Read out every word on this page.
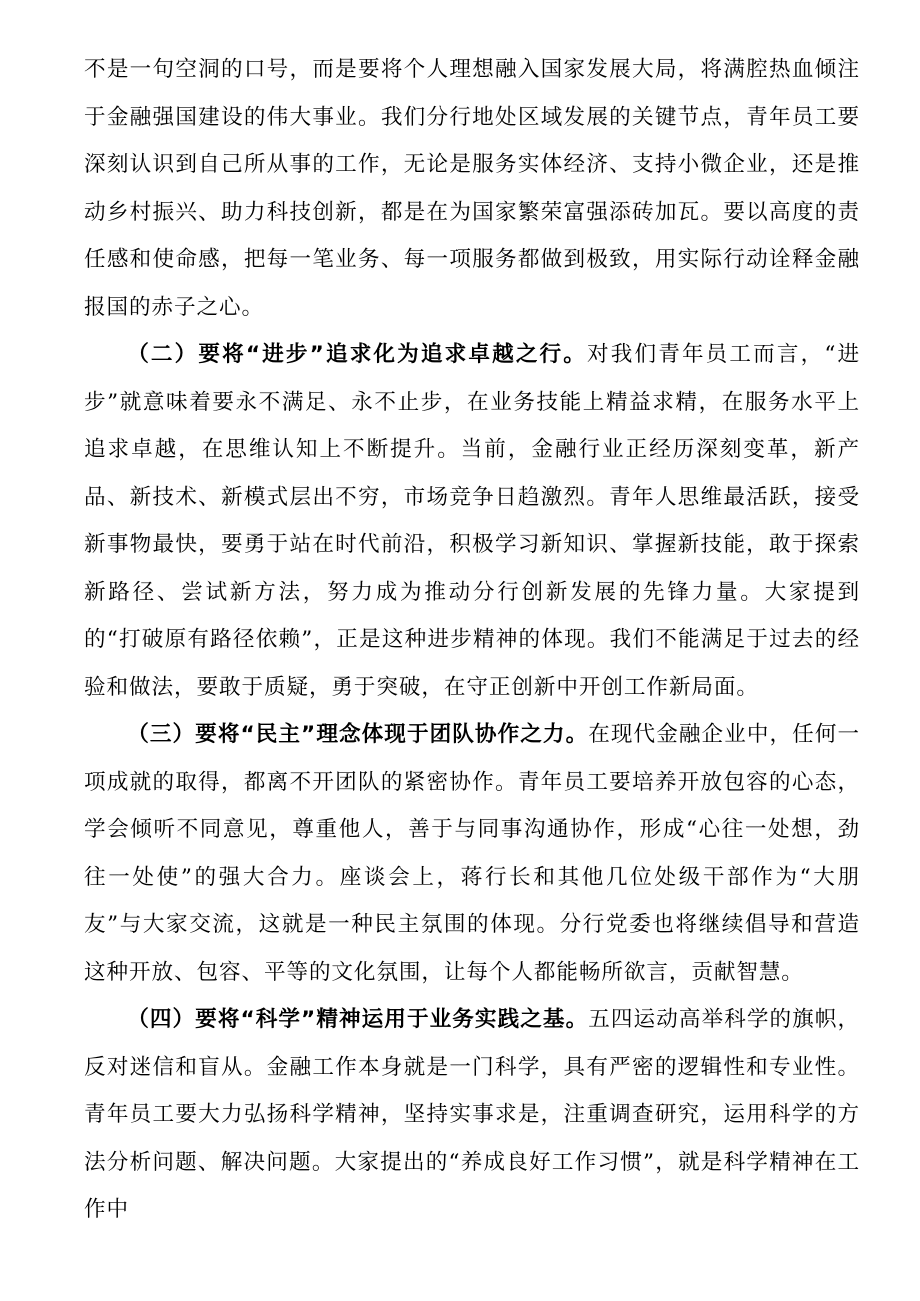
不是一句空洞的口号，而是要将个人理想融入国家发展大局，将满腔热血倾注于金融强国建设的伟大事业。我们分行地处区域发展的关键节点，青年员工要深刻认识到自己所从事的工作，无论是服务实体经济、支持小微企业，还是推动乡村振兴、助力科技创新，都是在为国家繁荣富强添砖加瓦。要以高度的责任感和使命感，把每一笔业务、每一项服务都做到极致，用实际行动诠释金融报国的赤子之心。

（二）要将“进步”追求化为追求卓越之行。对我们青年员工而言，“进步”就意味着要永不满足、永不止步，在业务技能上精益求精，在服务水平上追求卓越，在思维认知上不断提升。当前，金融行业正经历深刻变革，新产品、新技术、新模式层出不穷，市场竞争日趋激烈。青年人思维最活跃，接受新事物最快，要勇于站在时代前沿，积极学习新知识、掌握新技能，敢于探索新路径、尝试新方法，努力成为推动分行创新发展的先锋力量。大家提到的“打破原有路径依赖”，正是这种进步精神的体现。我们不能满足于过去的经验和做法，要敢于质疑，勇于突破，在守正创新中开创工作新局面。

（三）要将“民主”理念体现于团队协作之力。在现代金融企业中，任何一项成就的取得，都离不开团队的紧密协作。青年员工要培养开放包容的心态，学会倾听不同意见，尊重他人，善于与同事沟通协作，形成“心往一处想，劲往一处使”的强大合力。座谈会上，蒋行长和其他几位处级干部作为“大朋友”与大家交流，这就是一种民主氛围的体现。分行党委也将继续倡导和营造这种开放、包容、平等的文化氛围，让每个人都能畅所欲言，贡献智慧。

（四）要将“科学”精神运用于业务实践之基。五四运动高举科学的旗帜，反对迷信和盲从。金融工作本身就是一门科学，具有严密的逻辑性和专业性。青年员工要大力弘扬科学精神，坚持实事求是，注重调查研究，运用科学的方法分析问题、解决问题。大家提出的“养成良好工作习惯”，就是科学精神在工作中
